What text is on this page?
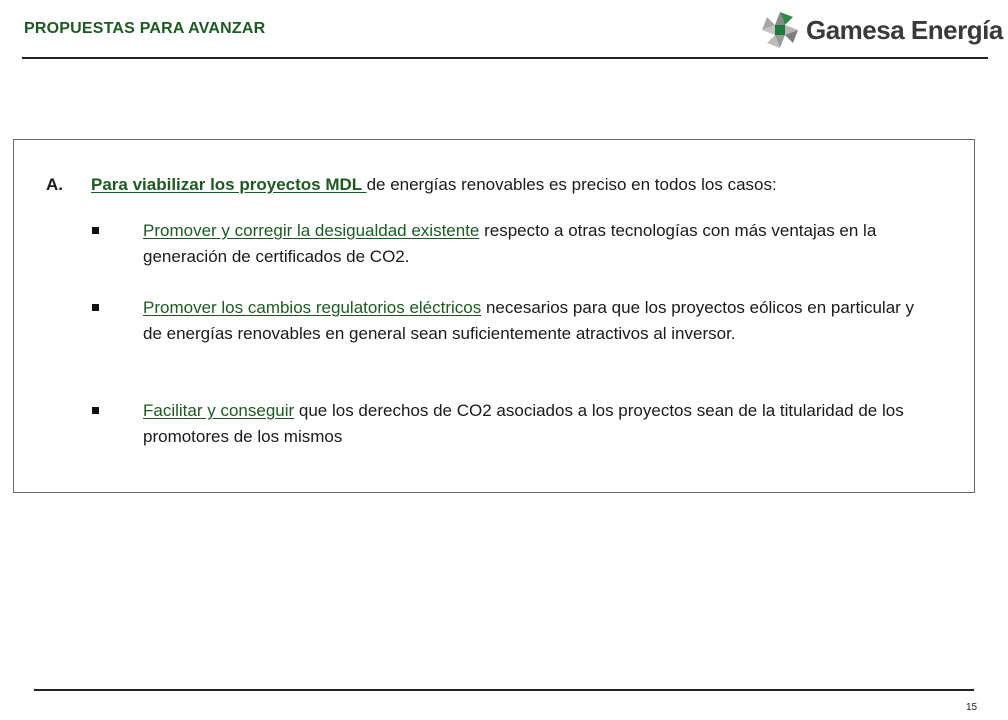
PROPUESTAS PARA AVANZAR	Gamesa Energía
A. Para viabilizar los proyectos MDL de energías renovables es preciso en todos los casos:
Promover y corregir la desigualdad existente respecto a otras tecnologías con más ventajas en la generación de certificados de CO2.
Promover los cambios regulatorios eléctricos necesarios para que los proyectos eólicos en particular y de energías renovables en general sean suficientemente atractivos al inversor.
Facilitar y conseguir que los derechos de CO2 asociados a los proyectos sean de la titularidad de los promotores de los mismos
15
